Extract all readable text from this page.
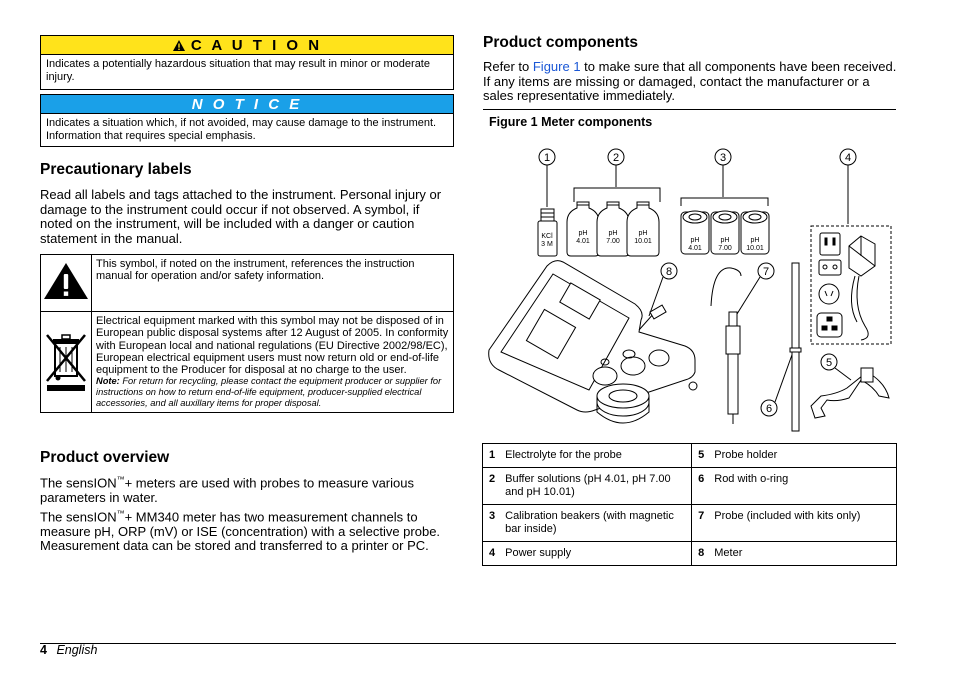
C A U T I O N
Indicates a potentially hazardous situation that may result in minor or moderate injury.
N O T I C E
Indicates a situation which, if not avoided, may cause damage to the instrument. Information that requires special emphasis.
Precautionary labels

Read all labels and tags attached to the instrument. Personal injury or damage to the instrument could occur if not observed. A symbol, if noted on the instrument, will be included with a danger or caution statement in the manual.

	This symbol, if noted on the instrument, references the instruction manual for operation and/or safety information.

Electrical equipment marked with this symbol may not be disposed of in European public disposal systems after 12 August of 2005. In conformity with European local and national regulations (EU Directive 2002/98/EC), European electrical equipment users must now return old or end-of-life equipment to the Producer for disposal at no charge to the user.
Note: For return for recycling, please contact the equipment producer or supplier for instructions on how to return end-of-life equipment, producer-supplied electrical accessories, and all auxillary items for proper disposal.
Product overview

The sensION™+ meters are used with probes to measure various parameters in water.

The sensION™+ MM340 meter has two measurement channels to measure pH, ORP (mV) or ISE (concentration) with a selective probe. Measurement data can be stored and transferred to a printer or PC.

Product components

Refer to Figure 1 to make sure that all components have been received. If any items are missing or damaged, contact the manufacturer or a sales representative immediately.

Figure 1 Meter components
1	2	3	4
8	7
5
6
KCl
3 M
pH
4.01
pH
7.00
pH
10.01	pH
4.01
pH
7.00
pH
10.01
1	Electrolyte for the probe	5	Probe holder
2	Buffer solutions (pH 4.01, pH 7.00 and pH 10.01)	6	Rod with o-ring
3	Calibration beakers (with magnetic bar inside)	7	Probe (included with kits only)
4	Power supply	8	Meter
4 English
